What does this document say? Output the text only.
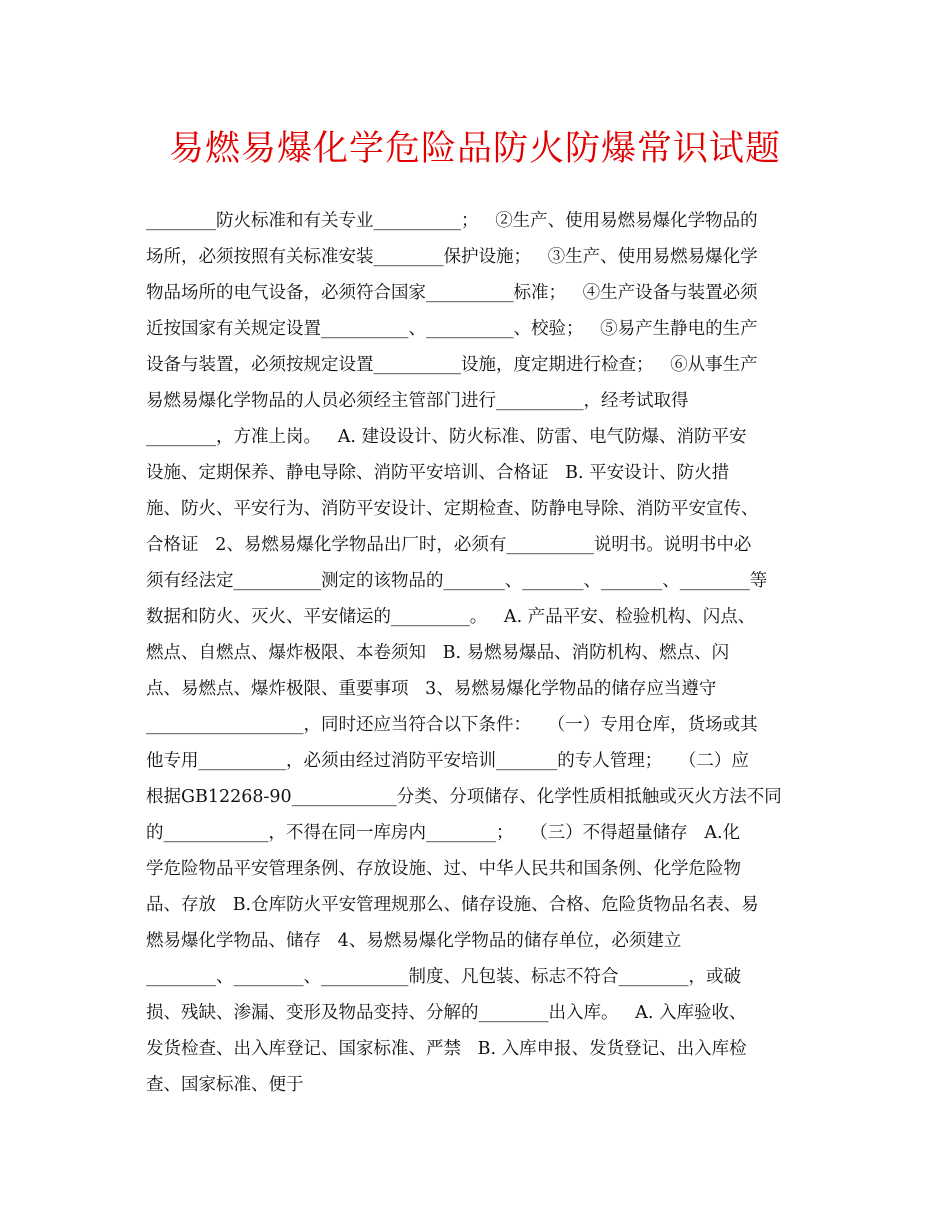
易燃易爆化学危险品防火防爆常识试题
________防火标准和有关专业__________；   ②生产、使用易燃易爆化学物品的
场所，必须按照有关标准安装________保护设施；   ③生产、使用易燃易爆化学
物品场所的电气设备，必须符合国家__________标准；   ④生产设备与装置必须
近按国家有关规定设置__________、__________、校验；   ⑤易产生静电的生产
设备与装置，必须按规定设置__________设施，度定期进行检查；   ⑥从事生产
易燃易爆化学物品的人员必须经主管部门进行__________，经考试取得
________，方准上岗。   A. 建设设计、防火标准、防雷、电气防爆、消防平安
设施、定期保养、静电导除、消防平安培训、合格证   B. 平安设计、防火措
施、防火、平安行为、消防平安设计、定期检查、防静电导除、消防平安宣传、
合格证   2、易燃易爆化学物品出厂时，必须有__________说明书。说明书中必
须有经法定__________测定的该物品的_______、_______、_______、________等
数据和防火、灭火、平安储运的_________。   A. 产品平安、检验机构、闪点、
燃点、自燃点、爆炸极限、本卷须知   B. 易燃易爆品、消防机构、燃点、闪
点、易燃点、爆炸极限、重要事项   3、易燃易爆化学物品的储存应当遵守
__________________，同时还应当符合以下条件：   （一）专用仓库，货场或其
他专用__________，必须由经过消防平安培训_______的专人管理；   （二）应
根据GB12268-90____________分类、分项储存、化学性质相抵触或灭火方法不同
的____________，不得在同一库房内________；   （三）不得超量储存   A.化
学危险物品平安管理条例、存放设施、过、中华人民共和国条例、化学危险物
品、存放   B.仓库防火平安管理规那么、储存设施、合格、危险货物品名表、易
燃易爆化学物品、储存   4、易燃易爆化学物品的储存单位，必须建立
________、________、__________制度、凡包装、标志不符合________，或破
损、残缺、渗漏、变形及物品变持、分解的________出入库。   A. 入库验收、
发货检查、出入库登记、国家标准、严禁   B. 入库申报、发货登记、出入库检
查、国家标准、便于
